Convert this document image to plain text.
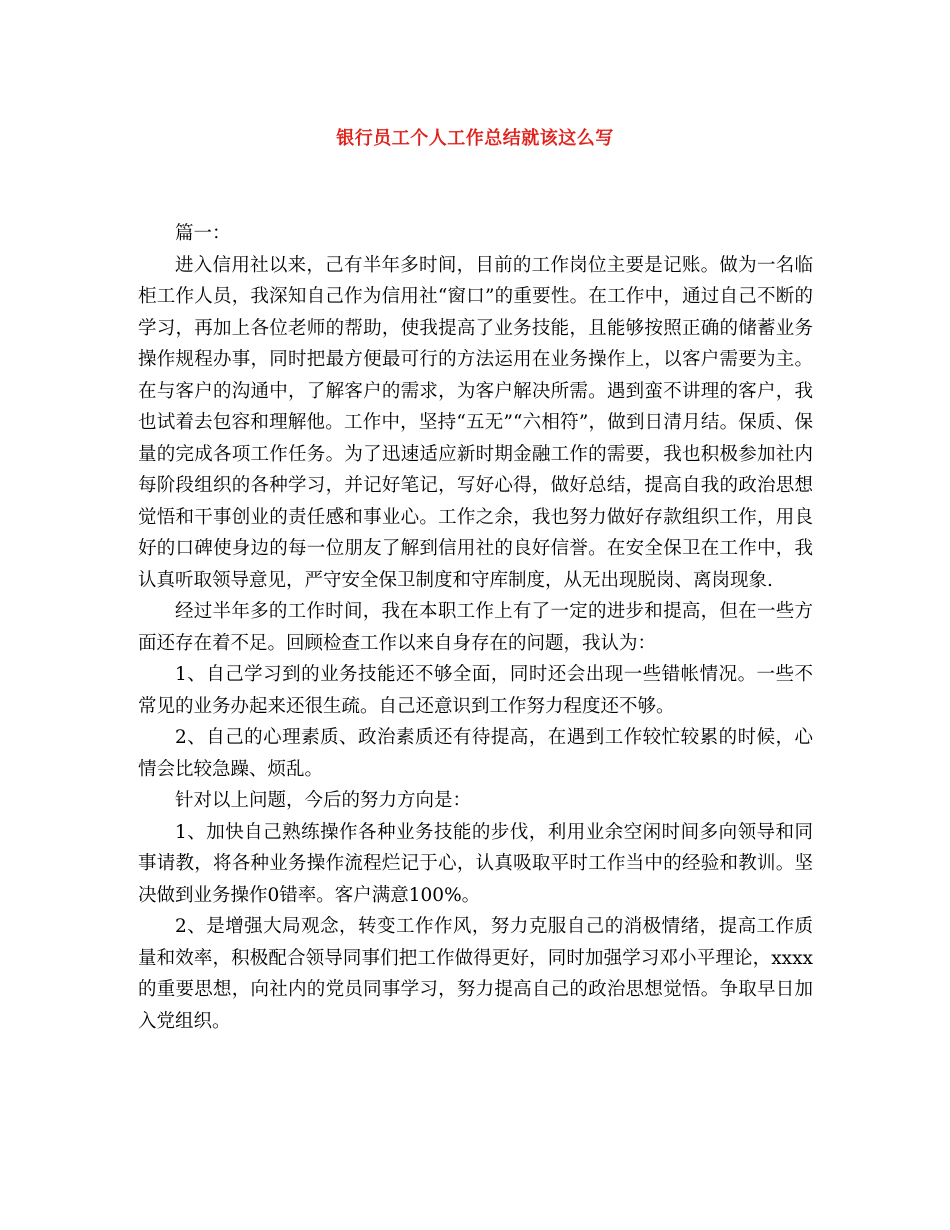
银行员工个人工作总结就该这么写

篇一：

进入信用社以来，己有半年多时间，目前的工作岗位主要是记账。做为一名临柜工作人员，我深知自己作为信用社“窗口”的重要性。在工作中，通过自己不断的学习，再加上各位老师的帮助，使我提高了业务技能，且能够按照正确的储蓄业务操作规程办事，同时把最方便最可行的方法运用在业务操作上，以客户需要为主。在与客户的沟通中，了解客户的需求，为客户解决所需。遇到蛮不讲理的客户，我也试着去包容和理解他。工作中，坚持“五无”“六相符”，做到日清月结。保质、保量的完成各项工作任务。为了迅速适应新时期金融工作的需要，我也积极参加社内每阶段组织的各种学习，并记好笔记，写好心得，做好总结，提高自我的政治思想觉悟和干事创业的责任感和事业心。工作之余，我也努力做好存款组织工作，用良好的口碑使身边的每一位朋友了解到信用社的良好信誉。在安全保卫在工作中，我认真听取领导意见，严守安全保卫制度和守库制度，从无出现脱岗、离岗现象.

经过半年多的工作时间，我在本职工作上有了一定的进步和提高，但在一些方面还存在着不足。回顾检查工作以来自身存在的问题，我认为：

1、自己学习到的业务技能还不够全面，同时还会出现一些错帐情况。一些不常见的业务办起来还很生疏。自己还意识到工作努力程度还不够。

2、自己的心理素质、政治素质还有待提高，在遇到工作较忙较累的时候，心情会比较急躁、烦乱。

针对以上问题，今后的努力方向是：

1、加快自己熟练操作各种业务技能的步伐，利用业余空闲时间多向领导和同事请教，将各种业务操作流程烂记于心，认真吸取平时工作当中的经验和教训。坚决做到业务操作0错率。客户满意100%。

2、是增强大局观念，转变工作作风，努力克服自己的消极情绪，提高工作质量和效率，积极配合领导同事们把工作做得更好，同时加强学习邓小平理论，xxxx的重要思想，向社内的党员同事学习，努力提高自己的政治思想觉悟。争取早日加入党组织。
